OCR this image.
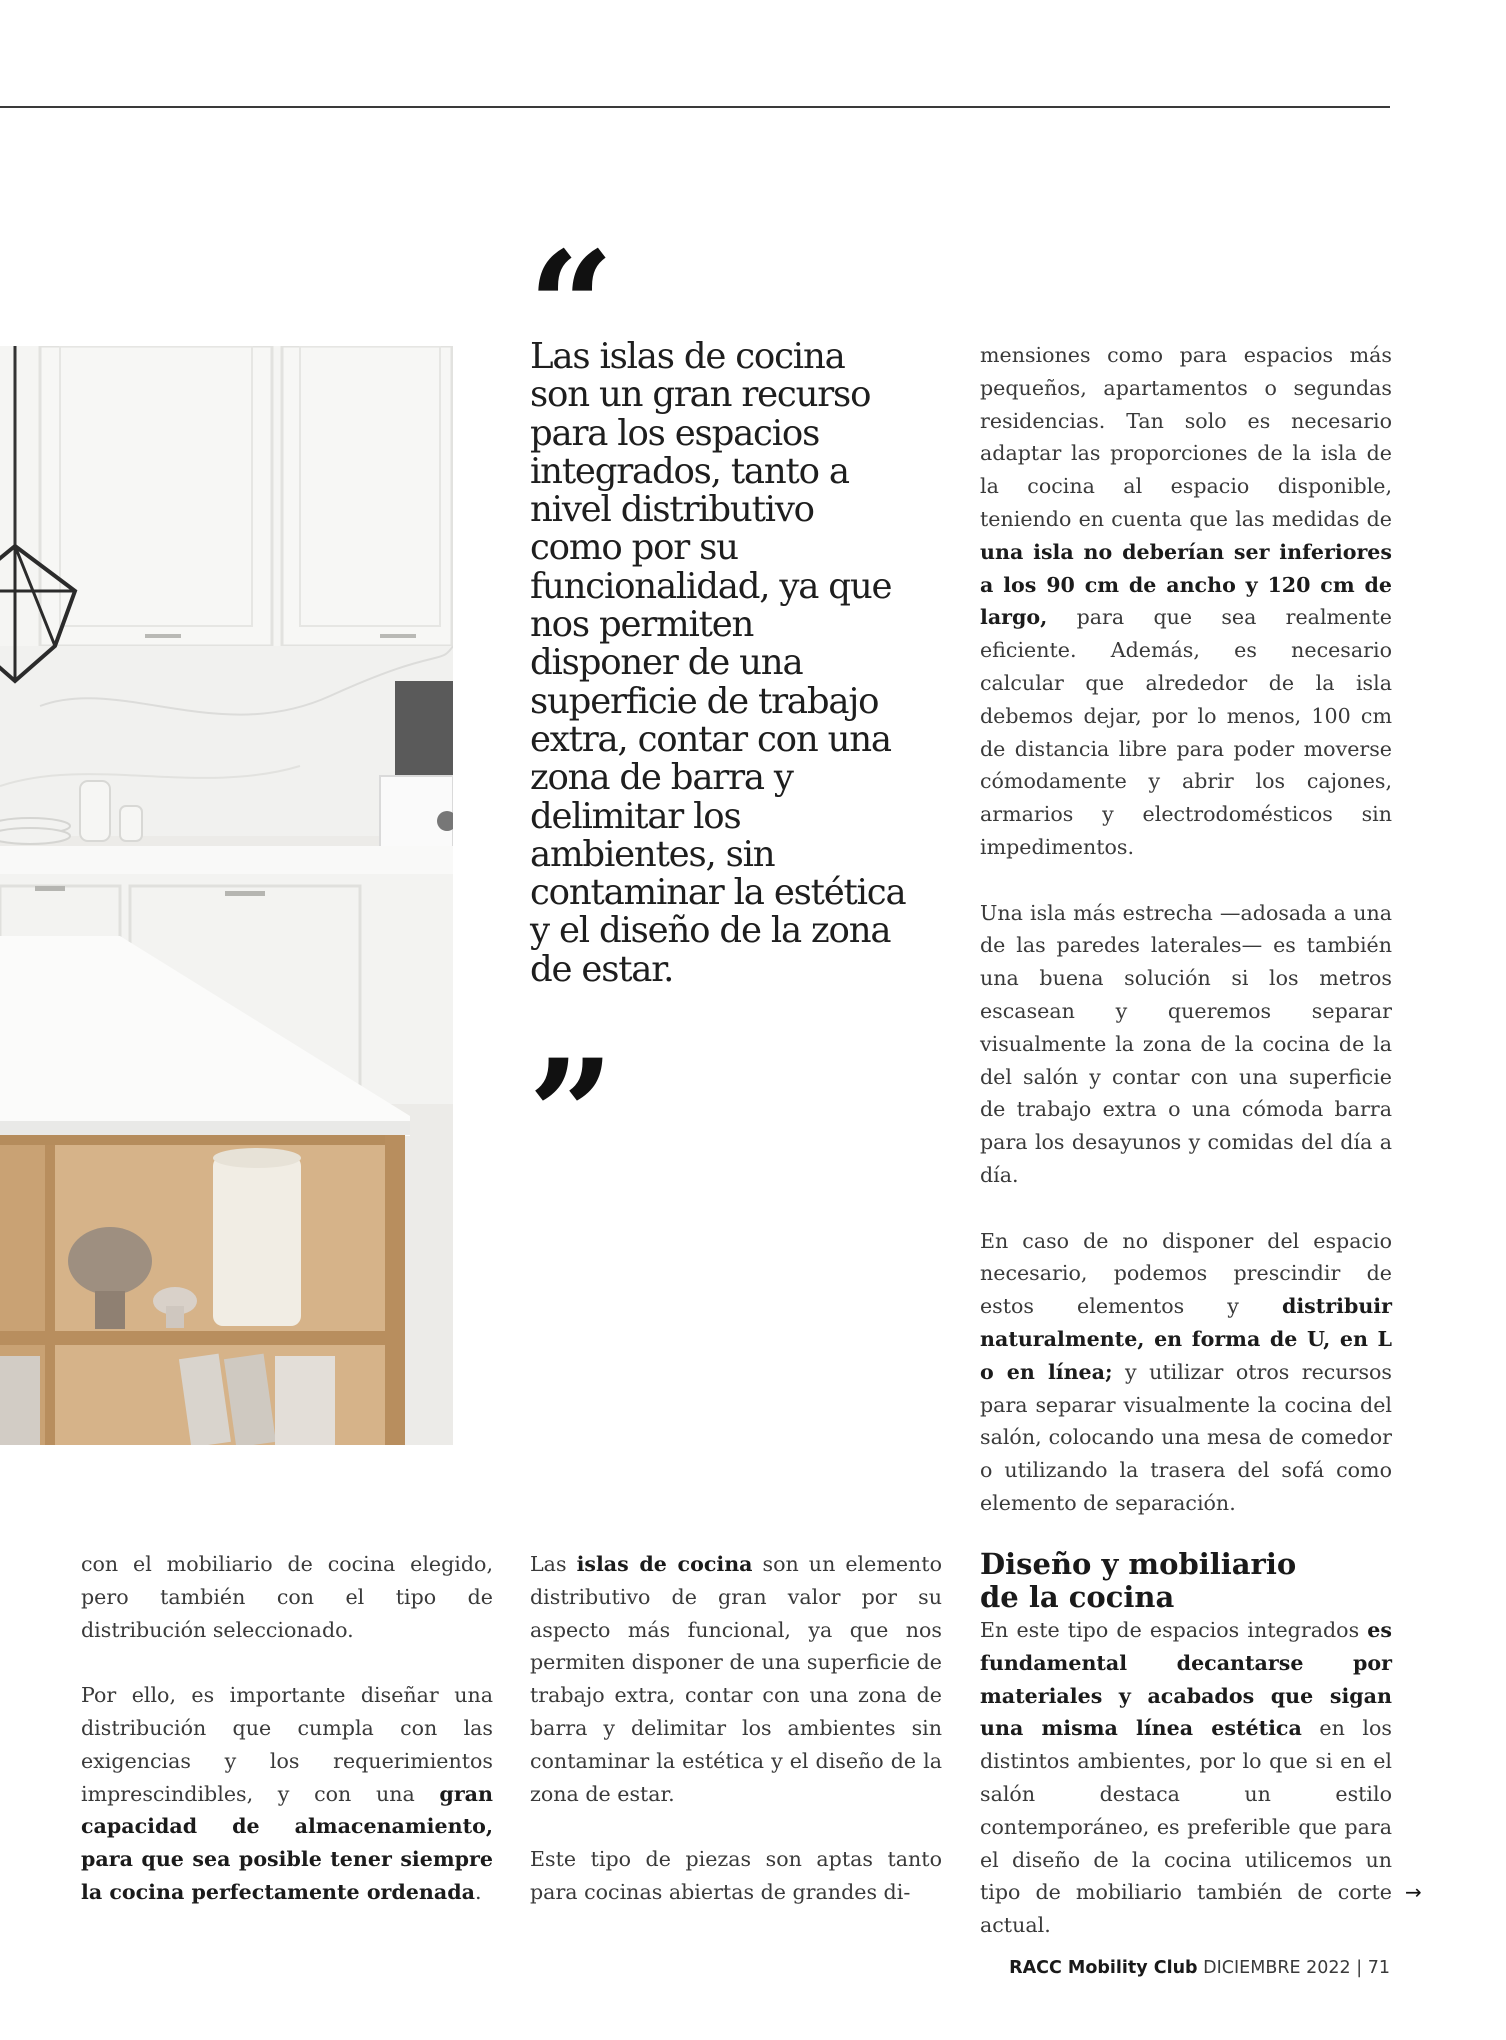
“
Las islas de cocina son un gran recurso para los espacios integrados, tanto a nivel distributivo como por su funcionalidad, ya que nos permiten disponer de una superficie de trabajo extra, contar con una zona de barra y delimitar los ambientes, sin contaminar la estética y el diseño de la zona de estar.
”

con el mobiliario de cocina elegido, pero también con el tipo de distribución seleccionado.

Por ello, es importante diseñar una distribución que cumpla con las exigencias y los requerimientos imprescindibles, y con una gran capacidad de almacenamiento, para que sea posible tener siempre la cocina perfectamente ordenada.

Las islas de cocina son un elemento distributivo de gran valor por su aspecto más funcional, ya que nos permiten disponer de una superficie de trabajo extra, contar con una zona de barra y delimitar los ambientes sin contaminar la estética y el diseño de la zona de estar.

Este tipo de piezas son aptas tanto para cocinas abiertas de grandes di-

mensiones como para espacios más pequeños, apartamentos o segundas residencias. Tan solo es necesario adaptar las proporciones de la isla de la cocina al espacio disponible, teniendo en cuenta que las medidas de una isla no deberían ser inferiores a los 90 cm de ancho y 120 cm de largo, para que sea realmente eficiente. Además, es necesario calcular que alrededor de la isla debemos dejar, por lo menos, 100 cm de distancia libre para poder moverse cómodamente y abrir los cajones, armarios y electrodomésticos sin impedimentos.

Una isla más estrecha —adosada a una de las paredes laterales— es también una buena solución si los metros escasean y queremos separar visualmente la zona de la cocina de la del salón y contar con una superficie de trabajo extra o una cómoda barra para los desayunos y comidas del día a día.

En caso de no disponer del espacio necesario, podemos prescindir de estos elementos y distribuir naturalmente, en forma de U, en L o en línea; y utilizar otros recursos para separar visualmente la cocina del salón, colocando una mesa de comedor o utilizando la trasera del sofá como elemento de separación.

Diseño y mobiliario
de la cocina

En este tipo de espacios integrados es fundamental decantarse por materiales y acabados que sigan una misma línea estética en los distintos ambientes, por lo que si en el salón destaca un estilo contemporáneo, es preferible que para el diseño de la cocina utilicemos un tipo de mobiliario también de corte actual.

→
RACC Mobility Club DICIEMBRE 2022 | 71
